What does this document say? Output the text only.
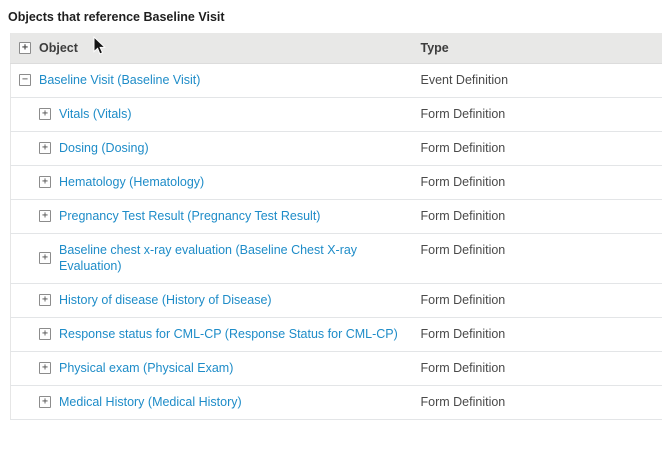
Objects that reference Baseline Visit
+ Object	Type

− Baseline Visit (Baseline Visit)	Event Definition

+ Vitals (Vitals)	Form Definition

+ Dosing (Dosing)	Form Definition

+ Hematology (Hematology)	Form Definition

+ Pregnancy Test Result (Pregnancy Test Result)	Form Definition

+
Baseline chest x-ray evaluation (Baseline Chest X-ray Evaluation)	Form Definition

+ History of disease (History of Disease)	Form Definition

+ Response status for CML-CP (Response Status for CML-CP)	Form Definition

+ Physical exam (Physical Exam)	Form Definition

+ Medical History (Medical History)	Form Definition
